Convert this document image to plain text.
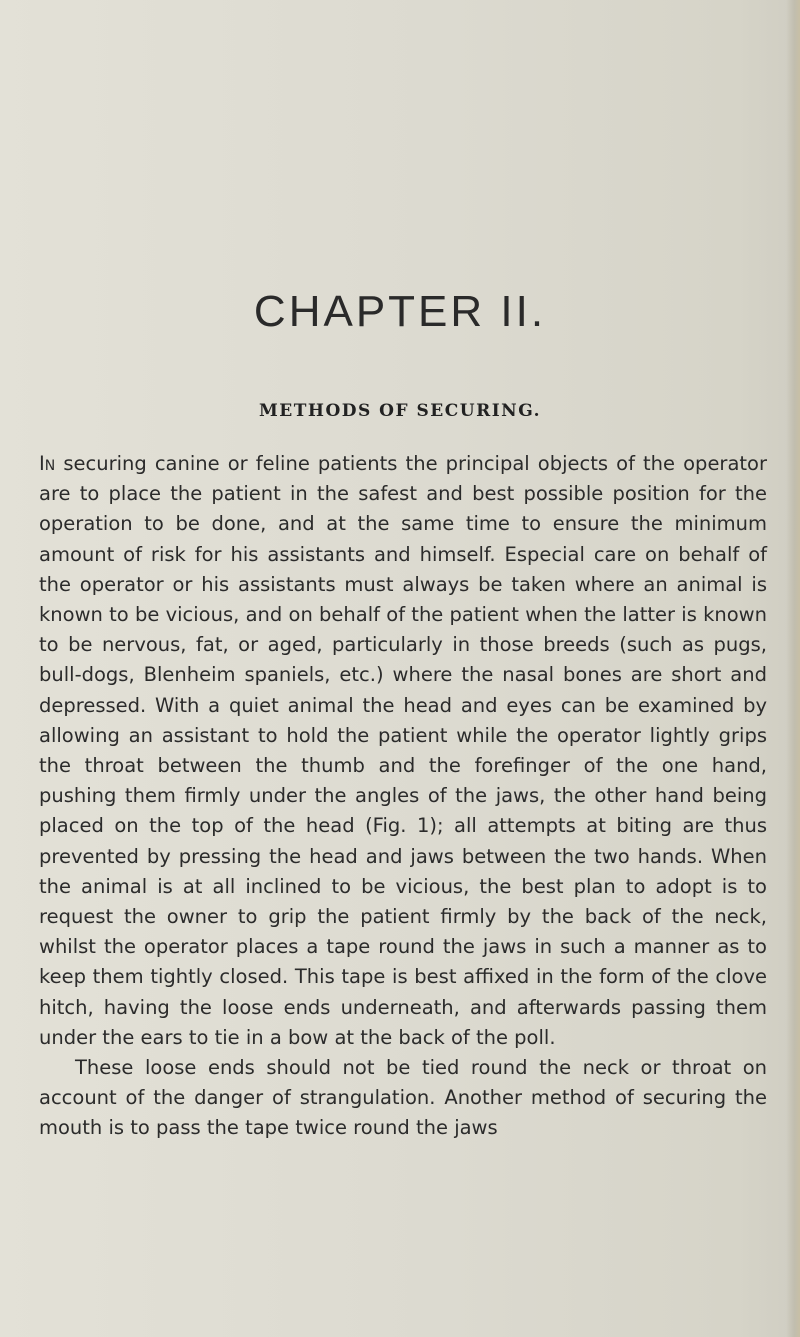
CHAPTER II.
METHODS OF SECURING.

In securing canine or feline patients the principal objects of the operator are to place the patient in the safest and best possible position for the operation to be done, and at the same time to ensure the minimum amount of risk for his assistants and himself. Especial care on behalf of the operator or his assistants must always be taken where an animal is known to be vicious, and on behalf of the patient when the latter is known to be nervous, fat, or aged, particularly in those breeds (such as pugs, bull-dogs, Blenheim spaniels, etc.) where the nasal bones are short and depressed. With a quiet animal the head and eyes can be examined by allowing an assistant to hold the patient while the operator lightly grips the throat between the thumb and the forefinger of the one hand, pushing them firmly under the angles of the jaws, the other hand being placed on the top of the head (Fig. 1); all attempts at biting are thus prevented by pressing the head and jaws between the two hands. When the animal is at all inclined to be vicious, the best plan to adopt is to request the owner to grip the patient firmly by the back of the neck, whilst the operator places a tape round the jaws in such a manner as to keep them tightly closed. This tape is best affixed in the form of the clove hitch, having the loose ends underneath, and afterwards passing them under the ears to tie in a bow at the back of the poll.

These loose ends should not be tied round the neck or throat on account of the danger of strangulation. Another method of securing the mouth is to pass the tape twice round the jaws
